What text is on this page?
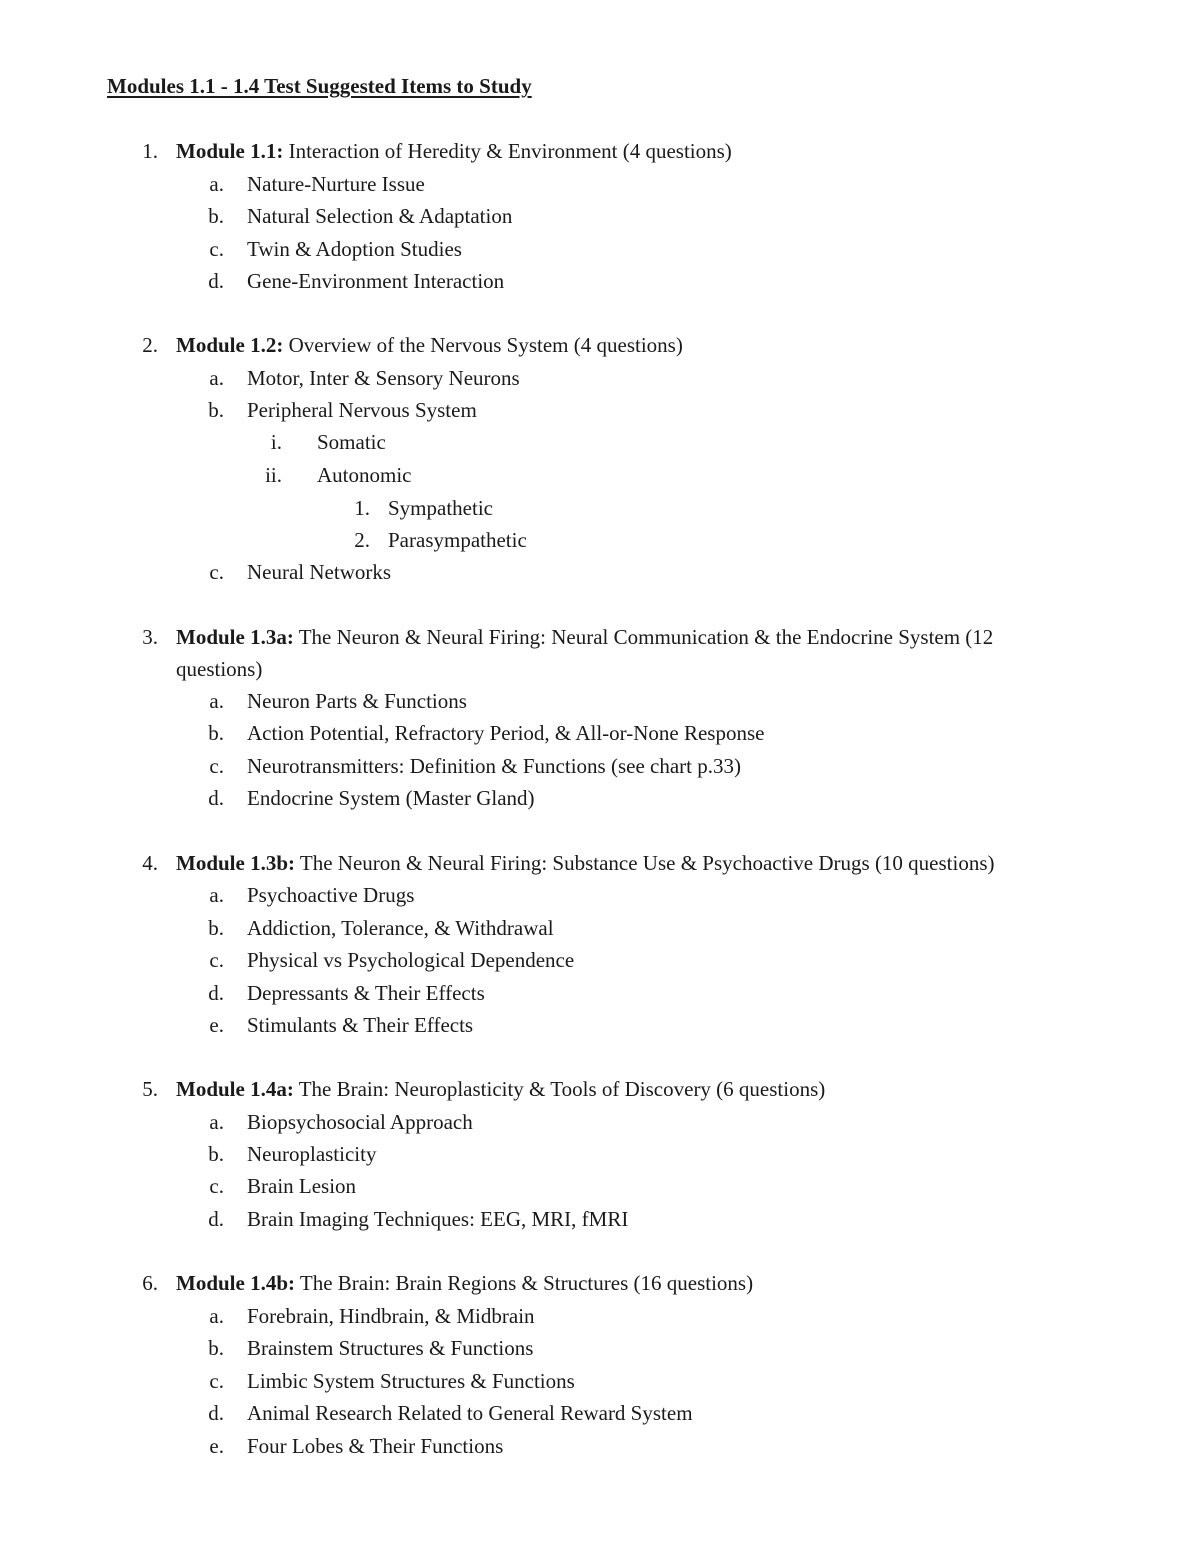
Modules 1.1 - 1.4 Test Suggested Items to Study
1. Module 1.1: Interaction of Heredity & Environment (4 questions)
a. Nature-Nurture Issue
b. Natural Selection & Adaptation
c. Twin & Adoption Studies
d. Gene-Environment Interaction
2. Module 1.2: Overview of the Nervous System (4 questions)
a. Motor, Inter & Sensory Neurons
b. Peripheral Nervous System
i. Somatic
ii. Autonomic
1. Sympathetic
2. Parasympathetic
c. Neural Networks
3. Module 1.3a: The Neuron & Neural Firing: Neural Communication & the Endocrine System (12
questions)
a. Neuron Parts & Functions
b. Action Potential, Refractory Period, & All-or-None Response
c. Neurotransmitters: Definition & Functions (see chart p.33)
d. Endocrine System (Master Gland)
4. Module 1.3b: The Neuron & Neural Firing: Substance Use & Psychoactive Drugs (10 questions)
a. Psychoactive Drugs
b. Addiction, Tolerance, & Withdrawal
c. Physical vs Psychological Dependence
d. Depressants & Their Effects
e. Stimulants & Their Effects
5. Module 1.4a: The Brain: Neuroplasticity & Tools of Discovery (6 questions)
a. Biopsychosocial Approach
b. Neuroplasticity
c. Brain Lesion
d. Brain Imaging Techniques: EEG, MRI, fMRI
6. Module 1.4b: The Brain: Brain Regions & Structures (16 questions)
a. Forebrain, Hindbrain, & Midbrain
b. Brainstem Structures & Functions
c. Limbic System Structures & Functions
d. Animal Research Related to General Reward System
e. Four Lobes & Their Functions
